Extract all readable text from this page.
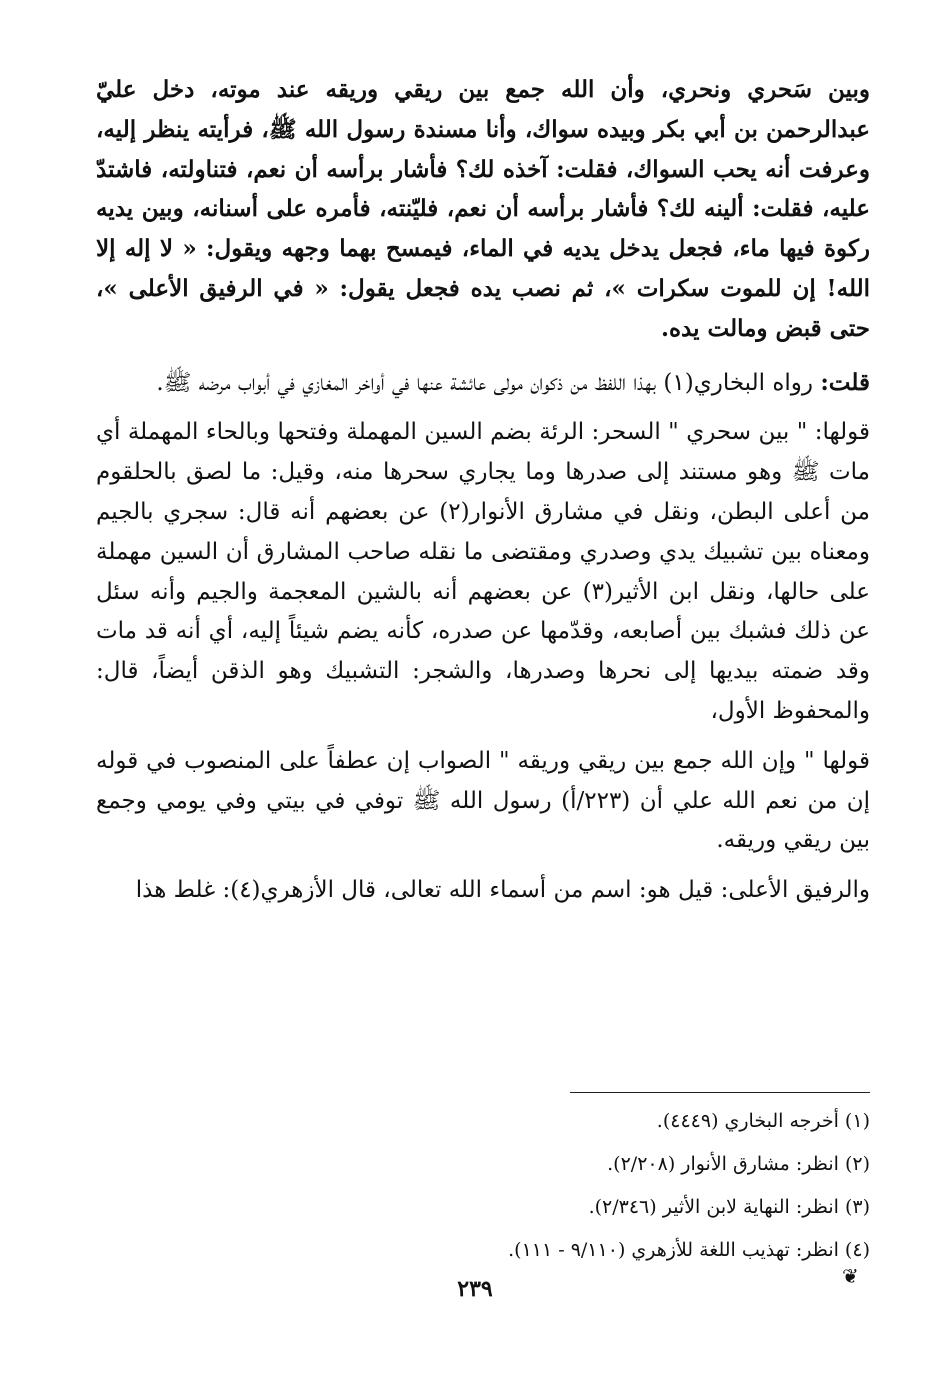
وبين سَحري ونحري، وأن الله جمع بين ريقي وريقه عند موته، دخل عليّ عبدالرحمن بن أبي بكر وبيده سواك، وأنا مسندة رسول الله ﷺ، فرأيته ينظر إليه، وعرفت أنه يحب السواك، فقلت: آخذه لك؟ فأشار برأسه أن نعم، فتناولته، فاشتدّ عليه، فقلت: ألينه لك؟ فأشار برأسه أن نعم، فليّنته، فأمره على أسنانه، وبين يديه ركوة فيها ماء، فجعل يدخل يديه في الماء، فيمسح بهما وجهه ويقول: « لا إله إلا الله! إن للموت سكرات »، ثم نصب يده فجعل يقول: « في الرفيق الأعلى »، حتى قبض ومالت يده.

قلت: رواه البخاري(١) بهذا اللفظ من ذكوان مولى عائشة عنها في أواخر المغازي في أبواب مرضه ﷺ.

قولها: " بين سحري " السحر: الرئة بضم السين المهملة وفتحها وبالحاء المهملة أي مات ﷺ وهو مستند إلى صدرها وما يجاري سحرها منه، وقيل: ما لصق بالحلقوم من أعلى البطن، ونقل في مشارق الأنوار(٢) عن بعضهم أنه قال: سجري بالجيم ومعناه بين تشبيك يدي وصدري ومقتضى ما نقله صاحب المشارق أن السين مهملة على حالها، ونقل ابن الأثير(٣) عن بعضهم أنه بالشين المعجمة والجيم وأنه سئل عن ذلك فشبك بين أصابعه، وقدّمها عن صدره، كأنه يضم شيئاً إليه، أي أنه قد مات وقد ضمته بيديها إلى نحرها وصدرها، والشجر: التشبيك وهو الذقن أيضاً، قال: والمحفوظ الأول،

قولها " وإن الله جمع بين ريقي وريقه " الصواب إن عطفاً على المنصوب في قوله إن من نعم الله علي أن (٢٢٣/أ) رسول الله ﷺ توفي في بيتي وفي يومي وجمع بين ريقي وريقه.

والرفيق الأعلى: قيل هو: اسم من أسماء الله تعالى، قال الأزهري(٤): غلط هذا

(١) أخرجه البخاري (٤٤٤٩).

(٢) انظر: مشارق الأنوار (٢/٢٠٨).

(٣) انظر: النهاية لابن الأثير (٢/٣٤٦).

(٤) انظر: تهذيب اللغة للأزهري (٩/١١٠ - ١١١).

❦
٢٣٩
